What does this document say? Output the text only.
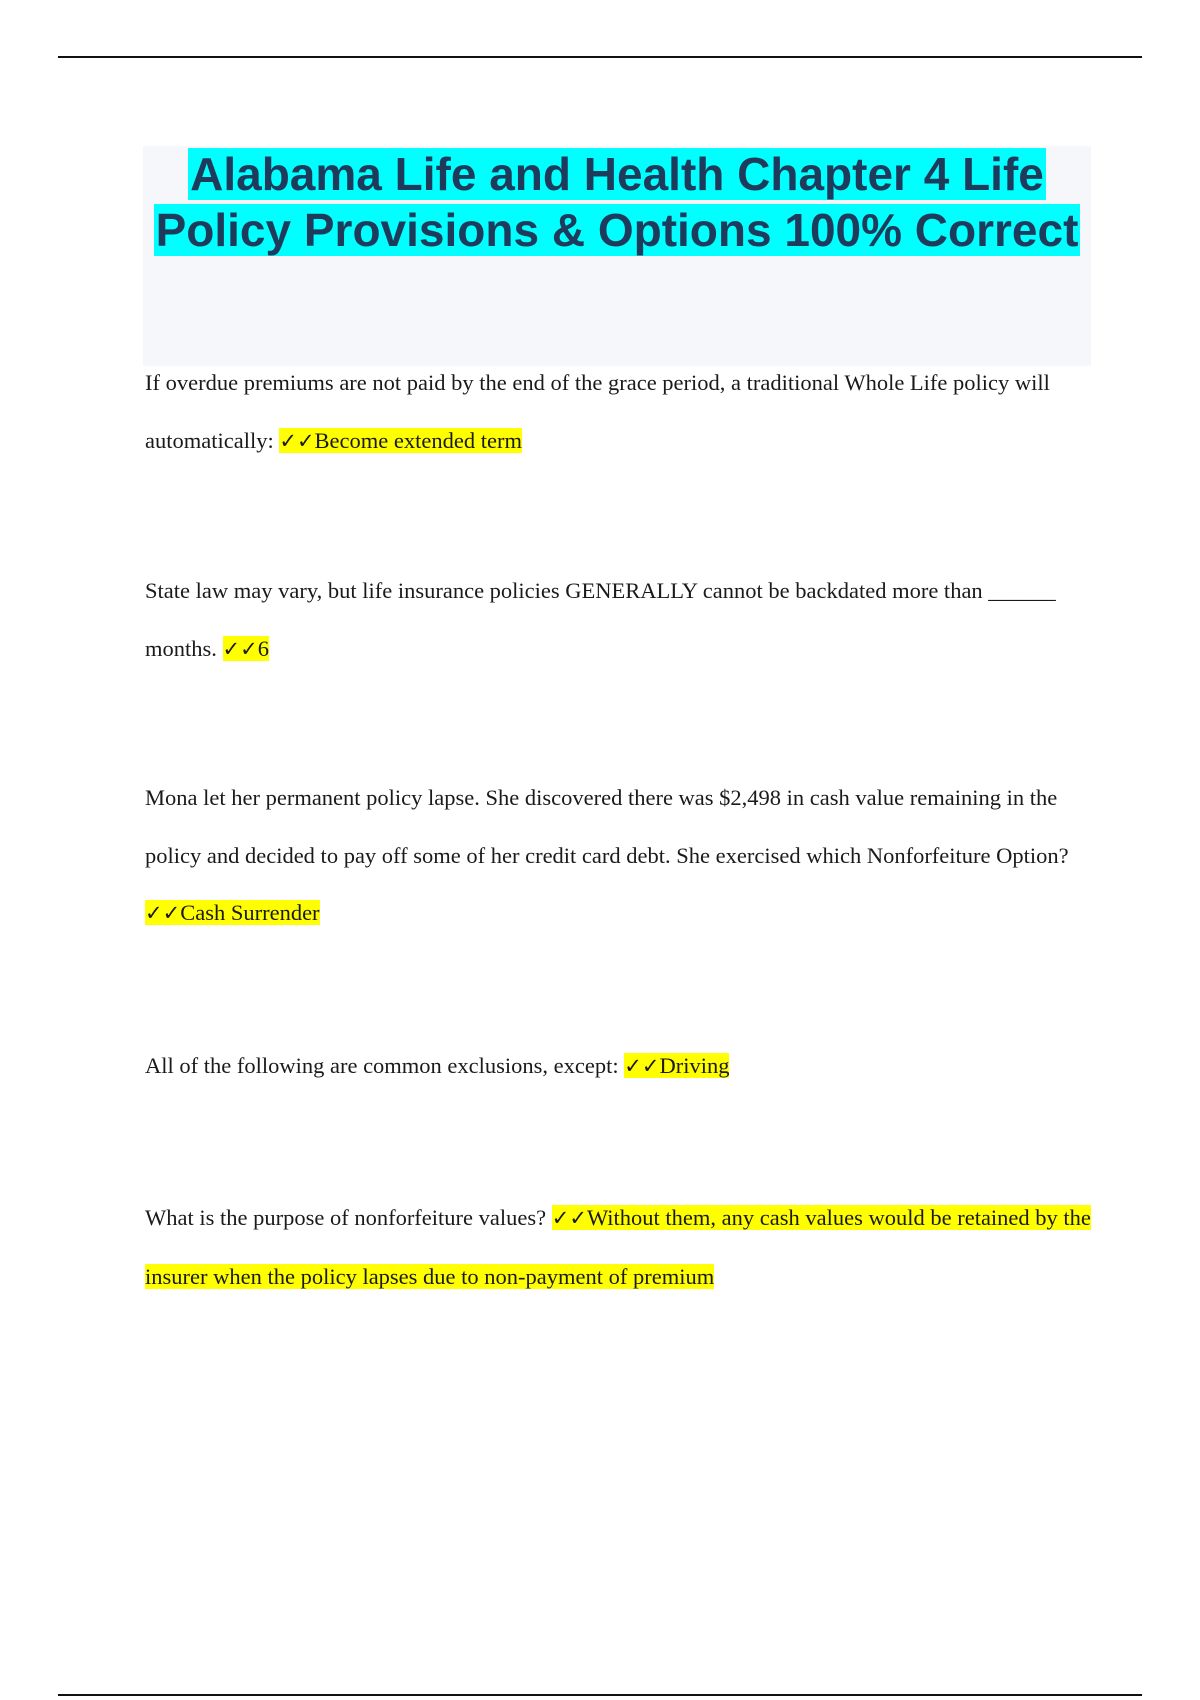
Alabama Life and Health Chapter 4 Life Policy Provisions & Options 100% Correct

If overdue premiums are not paid by the end of the grace period, a traditional Whole Life policy will automatically: ✓✓Become extended term

State law may vary, but life insurance policies GENERALLY cannot be backdated more than ______ months. ✓✓6

Mona let her permanent policy lapse. She discovered there was $2,498 in cash value remaining in the policy and decided to pay off some of her credit card debt. She exercised which Nonforfeiture Option? ✓✓Cash Surrender

All of the following are common exclusions, except: ✓✓Driving

What is the purpose of nonforfeiture values? ✓✓Without them, any cash values would be retained by the insurer when the policy lapses due to non-payment of premium
